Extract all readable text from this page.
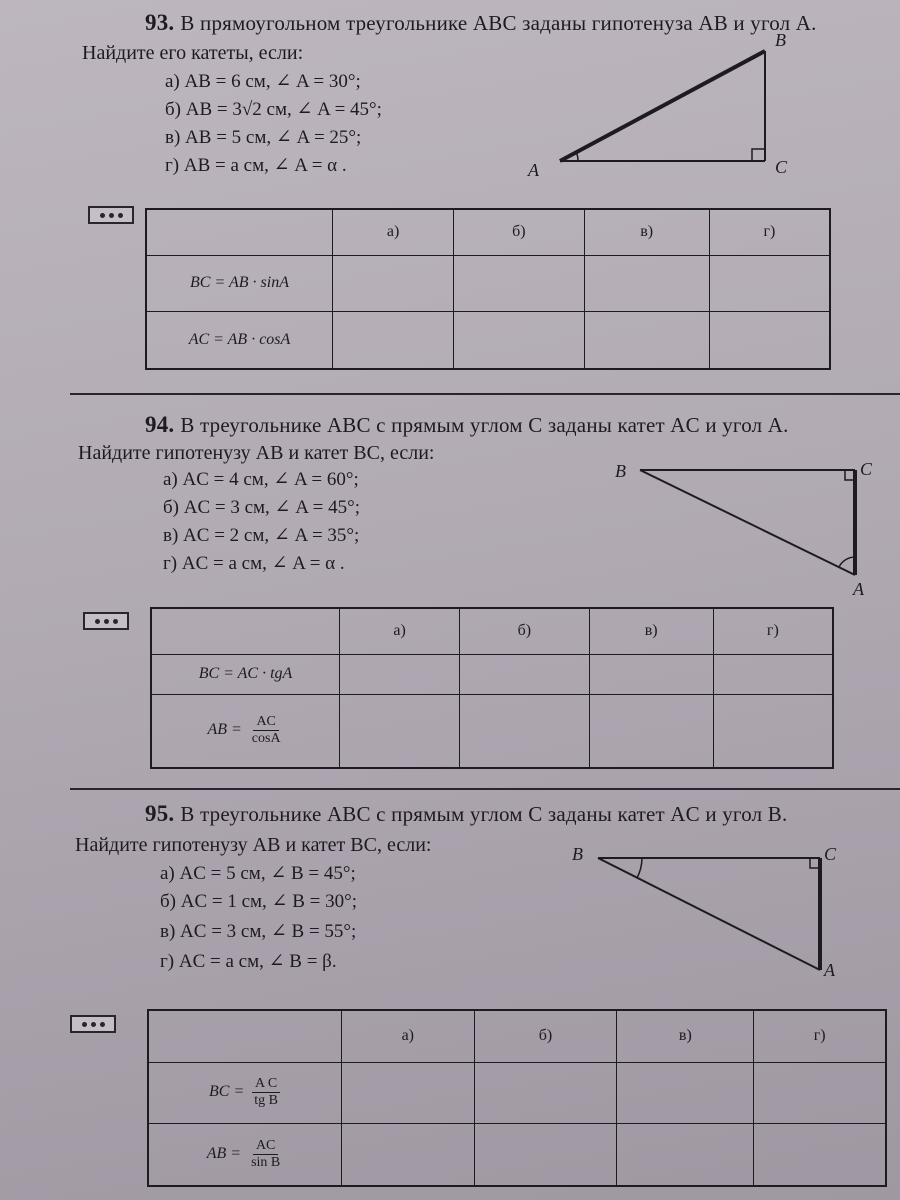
93. В прямоугольном треугольнике ABC заданы гипотенуза AB и угол A.
Найдите его катеты, если:
а) AB = 6 см, ∠ A = 30°;
б) AB = 3√2 см, ∠ A = 45°;
в) AB = 5 см, ∠ A = 25°;
г) AB = a см, ∠ A = α .	A
B
C
	а)	б)	в)	г)
BC = AB · sinA				
AC = AB · cosA				
94. В треугольнике ABC с прямым углом C заданы катет AC и угол A.
Найдите гипотенузу AB и катет BC, если:
а) AC = 4 см, ∠ A = 60°;
б) AC = 3 см, ∠ A = 45°;
в) AC = 2 см, ∠ A = 35°;
г) AC = a см, ∠ A = α .
B	C
A
	а)	б)	в)	г)
BC = AC · tgA				
AB = $\frac{AC}{\cos A}$

95. В треугольнике ABC с прямым углом C заданы катет AC и угол B.
Найдите гипотенузу AB и катет BC, если:
а) AC = 5 см, ∠ B = 45°;
б) AC = 1 см, ∠ B = 30°;
в) AC = 3 см, ∠ B = 55°;
г) AC = a см, ∠ B = β.
B	C
A
	а)	б)	в)	г)
BC = $\frac{\text{A C}}{\text{tg B}}$

AB = $\frac{AC}{\text{sin B}}$
